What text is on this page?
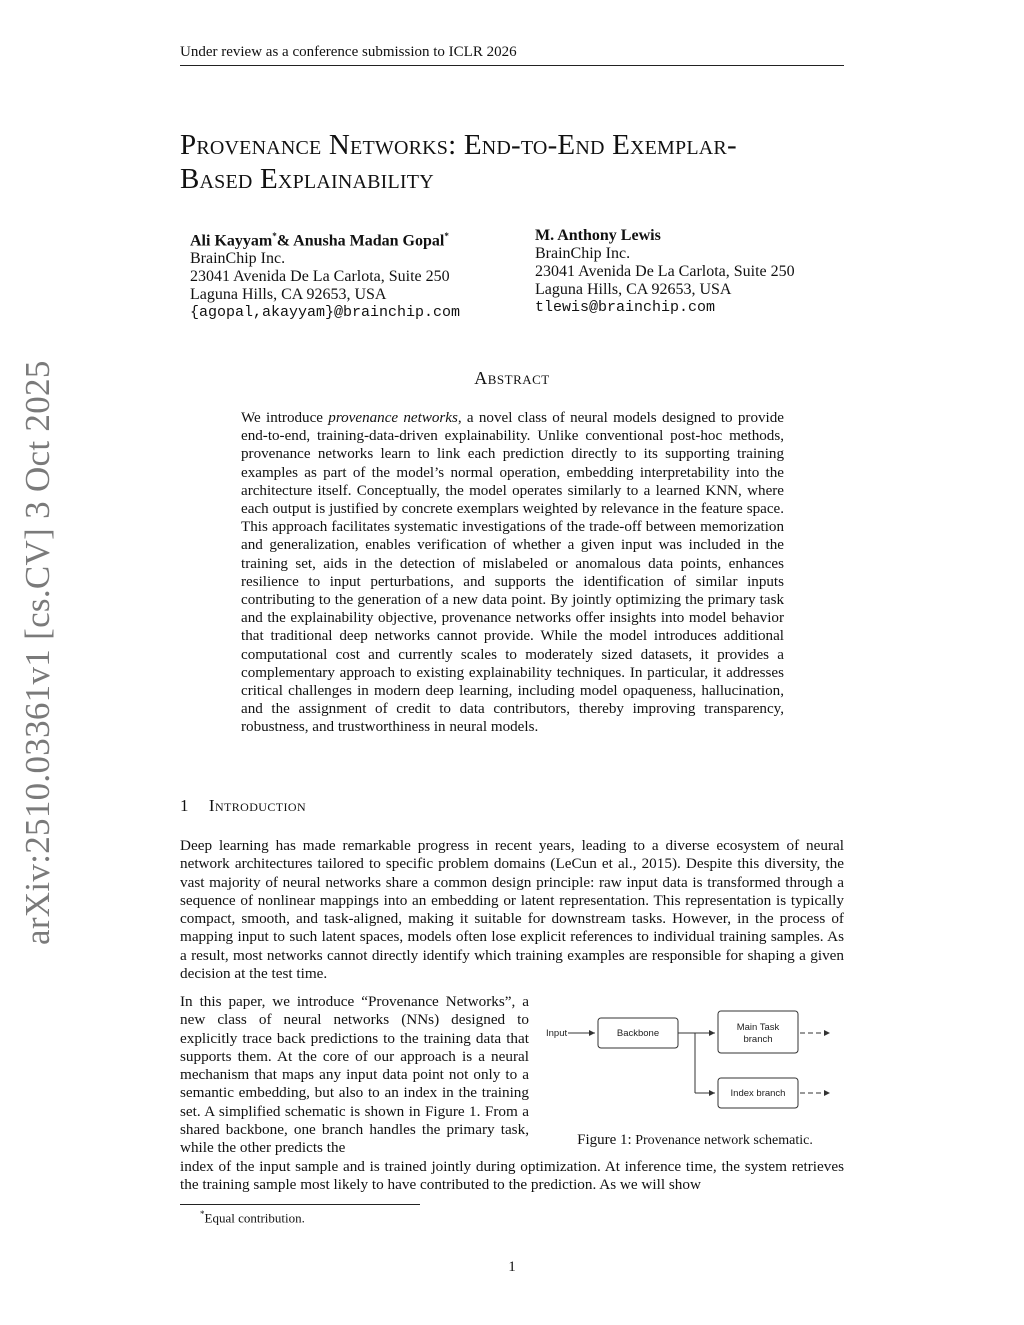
Under review as a conference submission to ICLR 2026
arXiv:2510.03361v1 [cs.CV] 3 Oct 2025
Provenance Networks: End-to-End Exemplar-
Based Explainability
Ali Kayyam*& Anusha Madan Gopal*
BrainChip Inc.
23041 Avenida De La Carlota, Suite 250
Laguna Hills, CA 92653, USA
{agopal,akayyam}@brainchip.com
M. Anthony Lewis
BrainChip Inc.
23041 Avenida De La Carlota, Suite 250
Laguna Hills, CA 92653, USA
tlewis@brainchip.com
Abstract
We introduce provenance networks, a novel class of neural models designed to provide end-to-end, training-data-driven explainability. Unlike conventional post-hoc methods, provenance networks learn to link each prediction directly to its supporting training examples as part of the model’s normal operation, embedding interpretability into the architecture itself. Conceptually, the model operates similarly to a learned KNN, where each output is justified by concrete exemplars weighted by relevance in the feature space. This approach facilitates systematic investigations of the trade-off between memorization and generalization, enables verification of whether a given input was included in the training set, aids in the detection of mislabeled or anomalous data points, enhances resilience to input perturbations, and supports the identification of similar inputs contributing to the generation of a new data point. By jointly optimizing the primary task and the explainability objective, provenance networks offer insights into model behavior that traditional deep networks cannot provide. While the model introduces additional computational cost and currently scales to moderately sized datasets, it provides a complementary approach to existing explainability techniques. In particular, it addresses critical challenges in modern deep learning, including model opaqueness, hallucination, and the assignment of credit to data contributors, thereby improving transparency, robustness, and trustworthiness in neural models.
1 Introduction
Deep learning has made remarkable progress in recent years, leading to a diverse ecosystem of neural network architectures tailored to specific problem domains (LeCun et al., 2015). Despite this diversity, the vast majority of neural networks share a common design principle: raw input data is transformed through a sequence of nonlinear mappings into an embedding or latent representation. This representation is typically compact, smooth, and task-aligned, making it suitable for downstream tasks. However, in the process of mapping input to such latent spaces, models often lose explicit references to individual training samples. As a result, most networks cannot directly identify which training examples are responsible for shaping a given decision at the test time.
In this paper, we introduce “Provenance Networks”, a new class of neural networks (NNs) designed to explicitly trace back predictions to the training data that supports them. At the core of our approach is a neural mechanism that maps any input data point not only to a semantic embedding, but also to an index in the training set. A simplified schematic is shown in Figure 1. From a shared backbone, one branch handles the primary task, while the other predicts the
Input	Backbone
Main Task
branch
Index branch
Figure 1: Provenance network schematic.
index of the input sample and is trained jointly during optimization. At inference time, the system retrieves the training sample most likely to have contributed to the prediction. As we will show
*Equal contribution.
1
